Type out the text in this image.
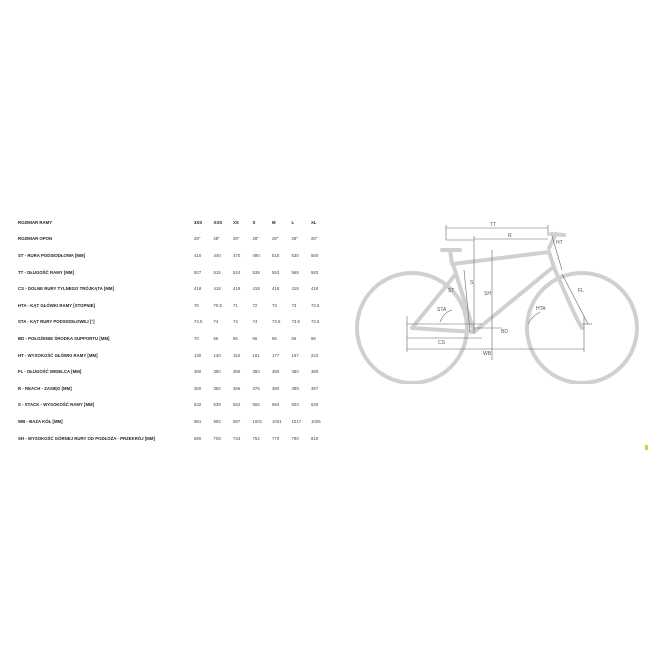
ROZMIAR RAMY	3XS	XXS	XS	S	M	L	XL
ROZMIAR OPON	28"	28"	28"	28"	28"	28"	28"
ST - RURA PODSIODŁOWA [MM]	410	440	470	490	510	530	560
TT - DŁUGOŚĆ RAMY [MM]	507	515	524	538	553	568	583
CS - DOLNE RURY TYLNEGO TRÓJKĄTA [MM]	418	418	418	418	418	418	418
HTA - KĄT GŁÓWKI RAMY [STOPNIE]	70	70.5	71	72	73	73	73.5
STA - KĄT RURY PODSIODŁOWEJ [°]	74.5	74	74	74	73.5	73.5	73.5
BD - POŁOŻENIE ŚRODKA SUPPORTU [MM]	70	66	66	66	66	66	66
HT - WYSOKOŚĆ GŁÓWKI RAMY [MM]	130	140	152	161	177	197	222
FL - DŁUGOŚĆ WIDELCA [MM]	380	380	380	380	380	380	380
R - REACH - ZASIĘG [MM]	360	360	366	376	380	389	397
S - STACK - WYSOKOŚĆ RAMY [MM]	532	539	552	565	584	603	629
WB - BAZA KÓŁ [MM]	991	992	997	1001	1001	1017	1026
SH - WYSOKOŚĆ GÓRNEJ RURY OD PODŁOŻA - PRZEKRÓJ [MM]	680	708	734	752	770	790	818
TT
R
HT
S
ST	SH	FL
STA	HTA
BD
CS
WB
